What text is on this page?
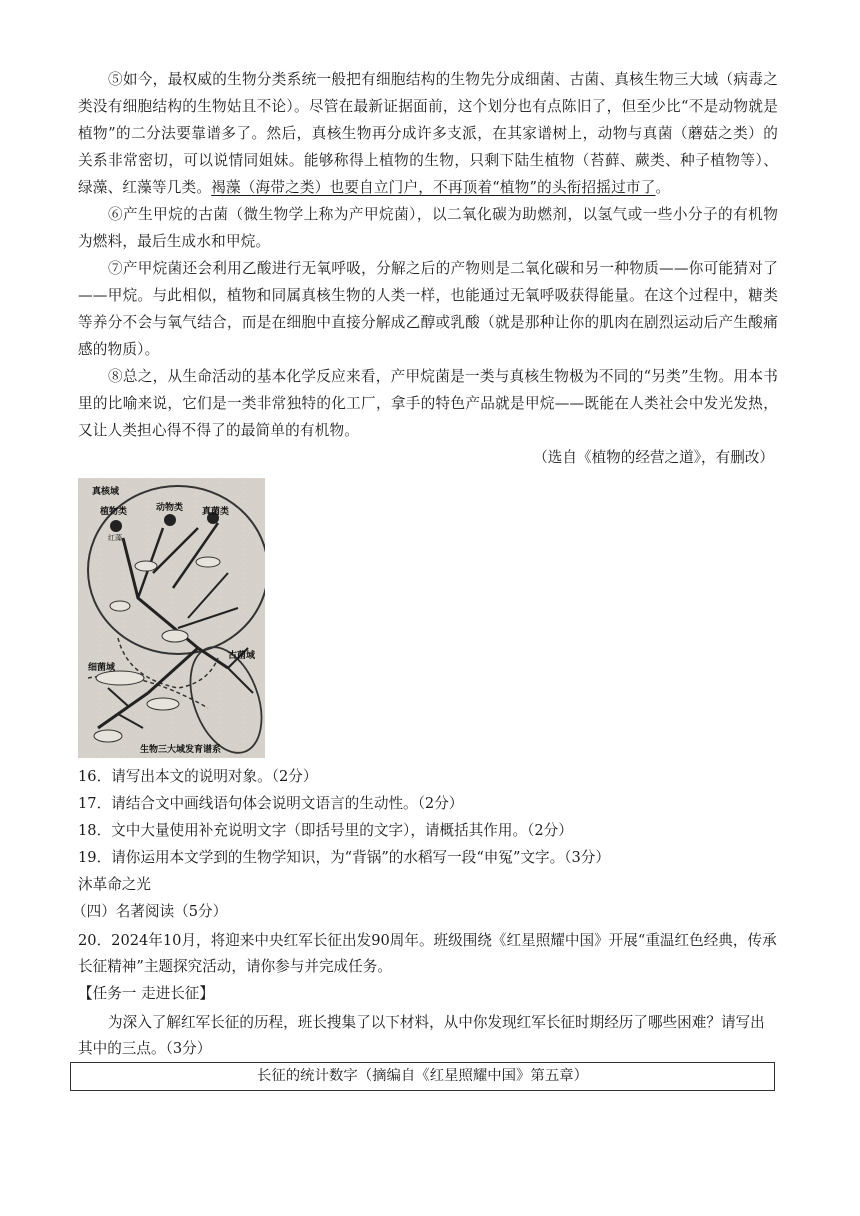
⑤如今，最权威的生物分类系统一般把有细胞结构的生物先分成细菌、古菌、真核生物三大域（病毒之类没有细胞结构的生物姑且不论）。尽管在最新证据面前，这个划分也有点陈旧了，但至少比“不是动物就是植物”的二分法要靠谱多了。然后，真核生物再分成许多支派，在其家谱树上，动物与真菌（蘑菇之类）的关系非常密切，可以说情同姐妹。能够称得上植物的生物，只剩下陆生植物（苔藓、蕨类、种子植物等）、绿藻、红藻等几类。褐藻（海带之类）也要自立门户，不再顶着“植物”的头衔招摇过市了。

⑥产生甲烷的古菌（微生物学上称为产甲烷菌），以二氧化碳为助燃剂，以氢气或一些小分子的有机物为燃料，最后生成水和甲烷。

⑦产甲烷菌还会利用乙酸进行无氧呼吸，分解之后的产物则是二氧化碳和另一种物质——你可能猜对了——甲烷。与此相似，植物和同属真核生物的人类一样，也能通过无氧呼吸获得能量。在这个过程中，糖类等养分不会与氧气结合，而是在细胞中直接分解成乙醇或乳酸（就是那种让你的肌肉在剧烈运动后产生酸痛感的物质）。

⑧总之，从生命活动的基本化学反应来看，产甲烷菌是一类与真核生物极为不同的“另类”生物。用本书里的比喻来说，它们是一类非常独特的化工厂，拿手的特色产品就是甲烷——既能在人类社会中发光发热，又让人类担心得不得了的最简单的有机物。

（选自《植物的经营之道》，有删改）
真核域
植物类	动物类 真菌类
红藻
细菌域
古菌域
生物三大域发育谱系

16．请写出本文的说明对象。（2分）

17．请结合文中画线语句体会说明文语言的生动性。（2分）

18．文中大量使用补充说明文字（即括号里的文字），请概括其作用。（2分）

19．请你运用本文学到的生物学知识，为“背锅”的水稻写一段“申冤”文字。（3分）

沐革命之光

（四）名著阅读（5分）

20．2024年10月，将迎来中央红军长征出发90周年。班级围绕《红星照耀中国》开展“重温红色经典，传承长征精神”主题探究活动，请你参与并完成任务。

【任务一 走进长征】

为深入了解红军长征的历程，班长搜集了以下材料，从中你发现红军长征时期经历了哪些困难？请写出其中的三点。（3分）

长征的统计数字（摘编自《红星照耀中国》第五章）
